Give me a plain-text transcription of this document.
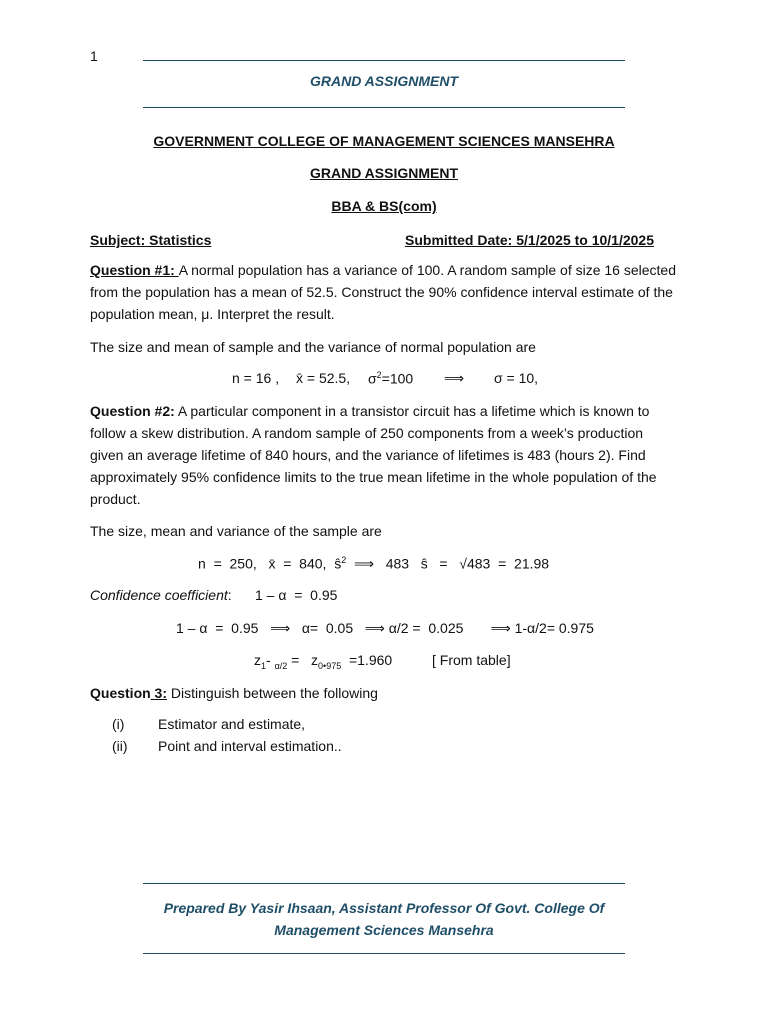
1
GRAND ASSIGNMENT
GOVERNMENT COLLEGE OF MANAGEMENT SCIENCES MANSEHRA
GRAND ASSIGNMENT
BBA & BS(com)
Subject: Statistics	Submitted Date: 5/1/2025 to 10/1/2025
Question #1: A normal population has a variance of 100. A random sample of size 16 selected from the population has a mean of 52.5. Construct the 90% confidence interval estimate of the population mean, μ. Interpret the result.
The size and mean of sample and the variance of normal population are
n = 16 , x̄ = 52.5, $\sigma^2=100$ ⟹ σ = 10,
Question #2: A particular component in a transistor circuit has a lifetime which is known to follow a skew distribution. A random sample of 250 components from a week’s production given an average lifetime of 840 hours, and the variance of lifetimes is 483 (hours 2). Find approximately 95% confidence limits to the true mean lifetime in the whole population of the product.
The size, mean and variance of the sample are
n  =  250,   x̄  =  840,  $ŝ^2$  ⟹   483   ŝ   =   √483  =  21.98
Confidence coefficient:      1 – α  =  0.95
1 – α  =  0.95   ⟹   α=  0.05   ⟹ α/2 =  0.025       ⟹ 1-α/2= 0.975
$z_1-$ $_{\alpha/2} = z_{0•975} =1.960$	[ From table]
Question 3: Distinguish between the following
(i) Estimator and estimate,
(ii) Point and interval estimation..
Prepared By Yasir Ihsaan, Assistant Professor Of Govt. College Of
Management Sciences Mansehra
